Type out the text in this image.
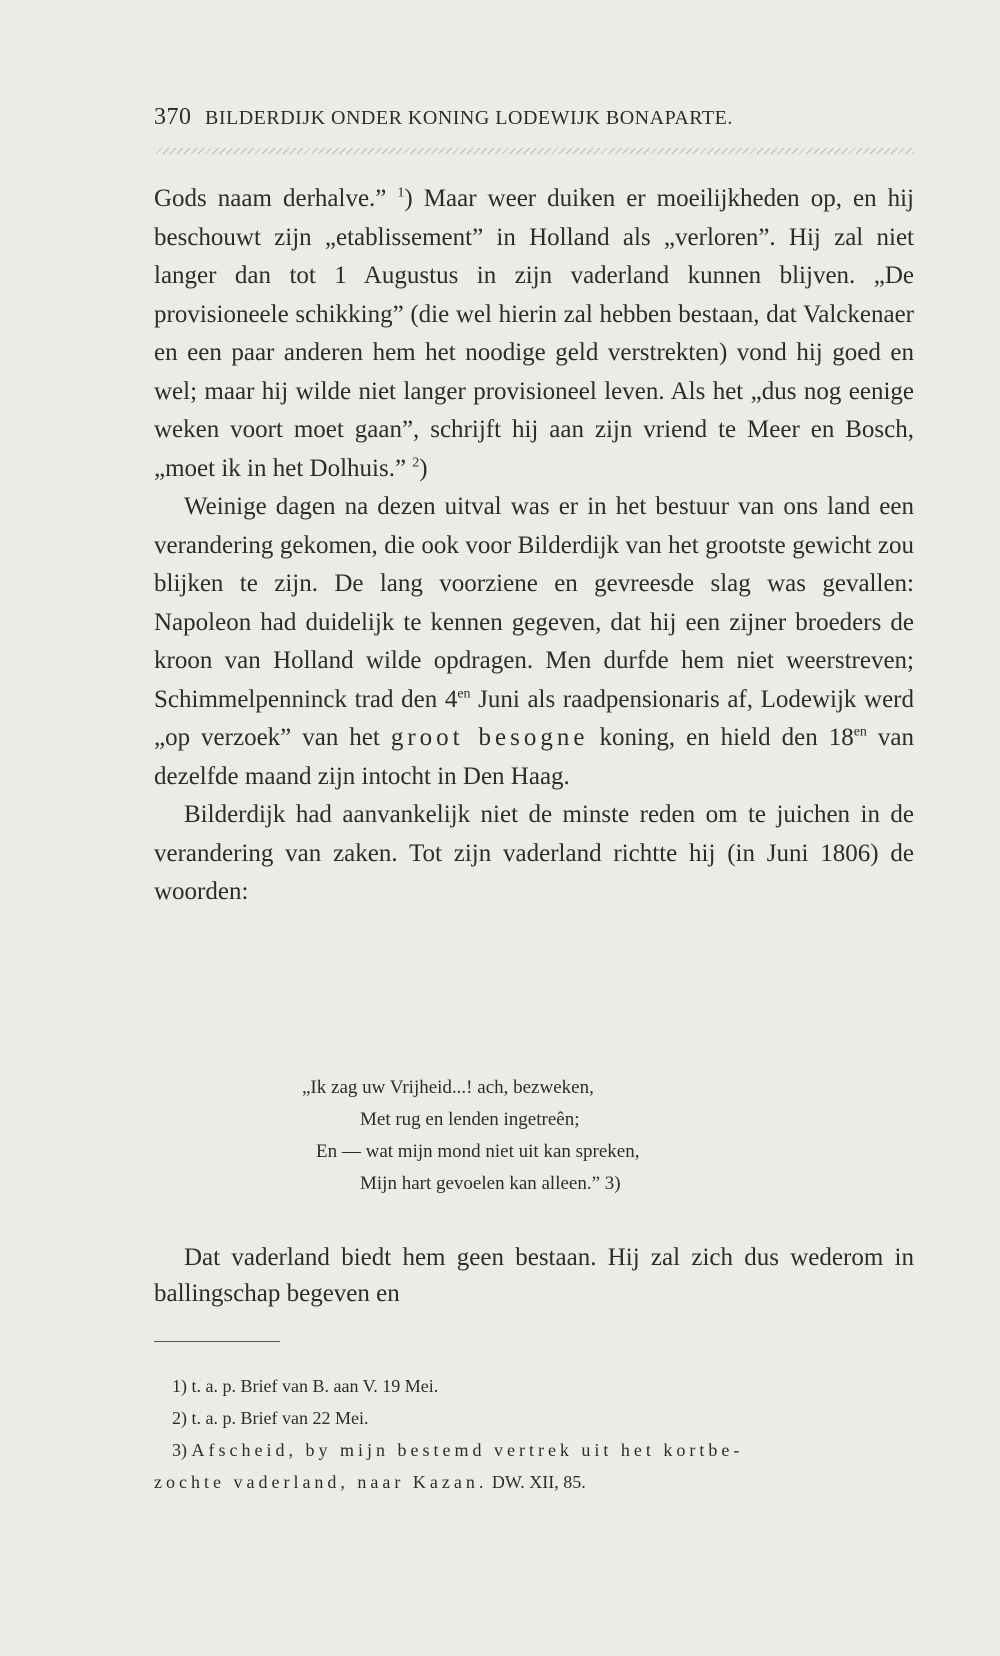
370 BILDERDIJK ONDER KONING LODEWIJK BONAPARTE.

Gods naam derhalve.” $^1$) Maar weer duiken er moeilijkheden op, en hij beschouwt zijn „etablissement” in Holland als „verloren”. Hij zal niet langer dan tot 1 Augustus in zijn vaderland kunnen blijven. „De provisioneele schikking” (die wel hierin zal hebben bestaan, dat Valckenaer en een paar anderen hem het noodige geld verstrekten) vond hij goed en wel; maar hij wilde niet langer provisioneel leven. Als het „dus nog eenige weken voort moet gaan”, schrijft hij aan zijn vriend te Meer en Bosch, „moet ik in het Dolhuis.” $^2$)

Weinige dagen na dezen uitval was er in het bestuur van ons land een verandering gekomen, die ook voor Bilderdijk van het grootste gewicht zou blijken te zijn. De lang voorziene en gevreesde slag was gevallen: Napoleon had duidelijk te kennen gegeven, dat hij een zijner broeders de kroon van Holland wilde opdragen. Men durfde hem niet weerstreven; Schimmelpenninck trad den $4^{en}$ Juni als raadpensionaris af, Lodewijk werd „op verzoek” van het groot besogne koning, en hield den $18^{en}$ van dezelfde maand zijn intocht in Den Haag.

Bilderdijk had aanvankelijk niet de minste reden om te juichen in de verandering van zaken. Tot zijn vaderland richtte hij (in Juni 1806) de woorden:

„Ik zag uw Vrijheid...! ach, bezweken,
Met rug en lenden ingetreên;
En — wat mijn mond niet uit kan spreken,
Mijn hart gevoelen kan alleen.” 3)

Dat vaderland biedt hem geen bestaan. Hij zal zich dus wederom in ballingschap begeven en

1) t. a. p. Brief van B. aan V. 19 Mei.
2) t. a. p. Brief van 22 Mei.
3) Afscheid, by mijn bestemd vertrek uit het kortbe-
zochte vaderland, naar Kazan. DW. XII, 85.
